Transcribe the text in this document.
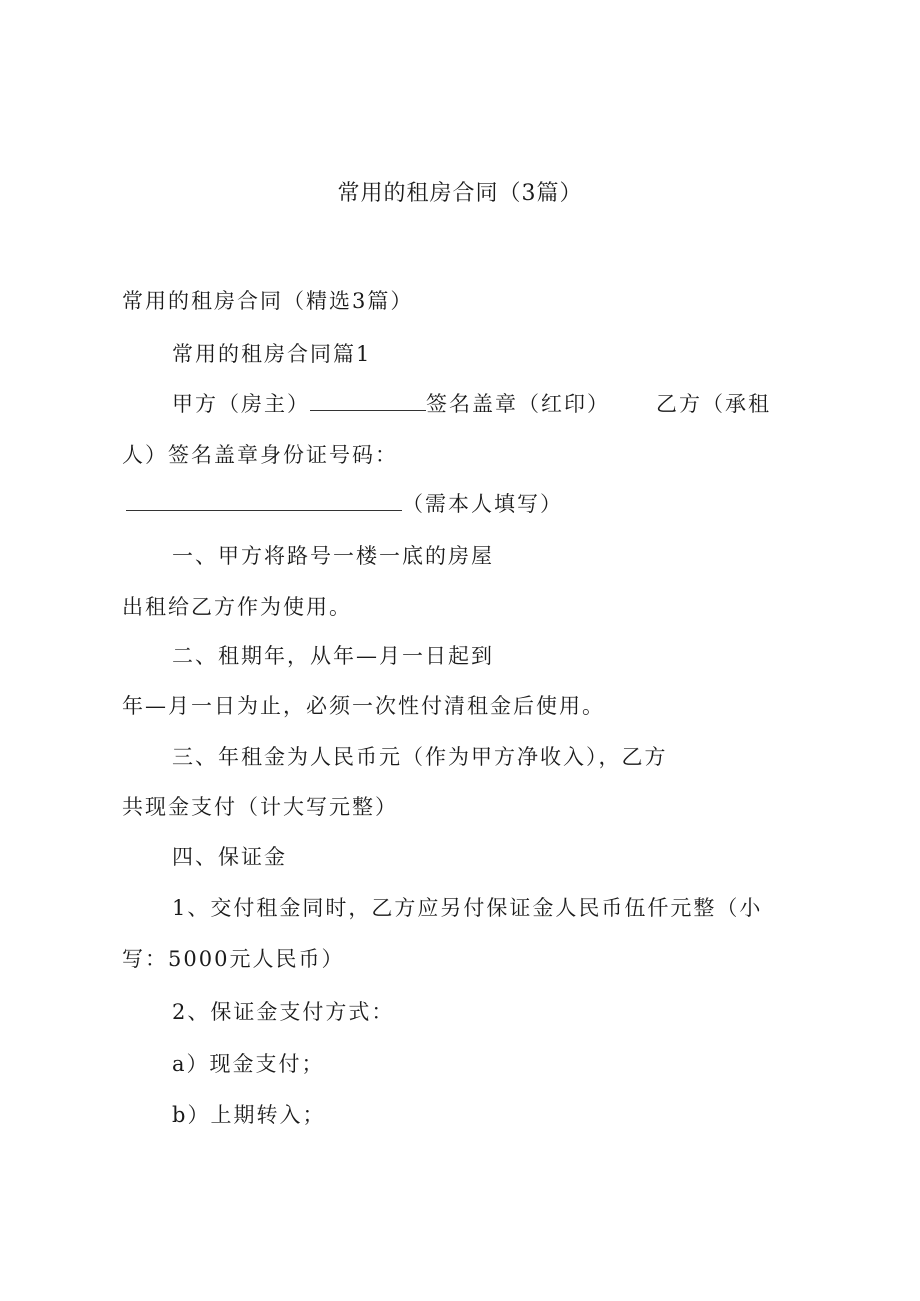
常用的租房合同（3篇）
常用的租房合同（精选3篇）
常用的租房合同篇1
甲方（房主）	签名盖章（红印） 乙方（承租
人）签名盖章身份证号码：
（需本人填写）
一、甲方将路号一楼一底的房屋
出租给乙方作为使用。
二、租期年，从年—月一日起到
年—月一日为止，必须一次性付清租金后使用。
三、年租金为人民币元（作为甲方净收入），乙方
共现金支付（计大写元整）
四、保证金
1、交付租金同时，乙方应另付保证金人民币伍仟元整（小
写：5000元人民币）
2、保证金支付方式：
a）现金支付；
b）上期转入；
